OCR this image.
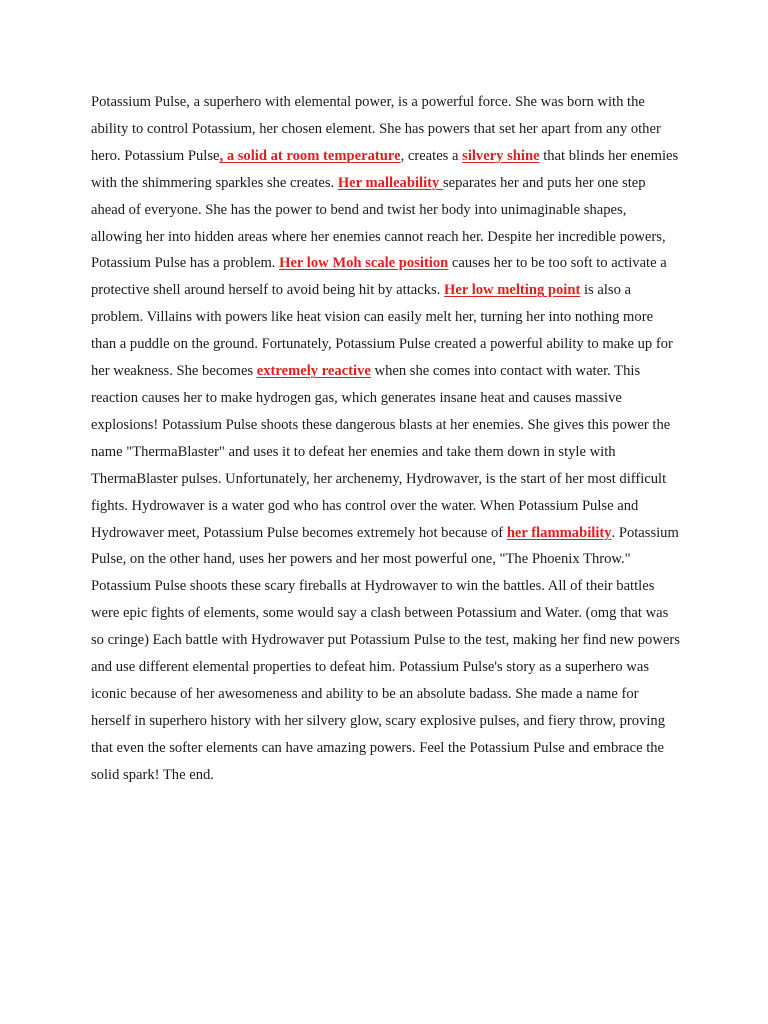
Potassium Pulse, a superhero with elemental power, is a powerful force. She was born with the ability to control Potassium, her chosen element. She has powers that set her apart from any other hero. Potassium Pulse, a solid at room temperature, creates a silvery shine that blinds her enemies with the shimmering sparkles she creates. Her malleability separates her and puts her one step ahead of everyone. She has the power to bend and twist her body into unimaginable shapes, allowing her into hidden areas where her enemies cannot reach her. Despite her incredible powers, Potassium Pulse has a problem. Her low Moh scale position causes her to be too soft to activate a protective shell around herself to avoid being hit by attacks. Her low melting point is also a problem. Villains with powers like heat vision can easily melt her, turning her into nothing more than a puddle on the ground. Fortunately, Potassium Pulse created a powerful ability to make up for her weakness. She becomes extremely reactive when she comes into contact with water. This reaction causes her to make hydrogen gas, which generates insane heat and causes massive explosions! Potassium Pulse shoots these dangerous blasts at her enemies. She gives this power the name "ThermaBlaster" and uses it to defeat her enemies and take them down in style with ThermaBlaster pulses. Unfortunately, her archenemy, Hydrowaver, is the start of her most difficult fights. Hydrowaver is a water god who has control over the water. When Potassium Pulse and Hydrowaver meet, Potassium Pulse becomes extremely hot because of her flammability. Potassium Pulse, on the other hand, uses her powers and her most powerful one, "The Phoenix Throw." Potassium Pulse shoots these scary fireballs at Hydrowaver to win the battles. All of their battles were epic fights of elements, some would say a clash between Potassium and Water. (omg that was so cringe) Each battle with Hydrowaver put Potassium Pulse to the test, making her find new powers and use different elemental properties to defeat him. Potassium Pulse's story as a superhero was iconic because of her awesomeness and ability to be an absolute badass. She made a name for herself in superhero history with her silvery glow, scary explosive pulses, and fiery throw, proving that even the softer elements can have amazing powers. Feel the Potassium Pulse and embrace the solid spark! The end.
